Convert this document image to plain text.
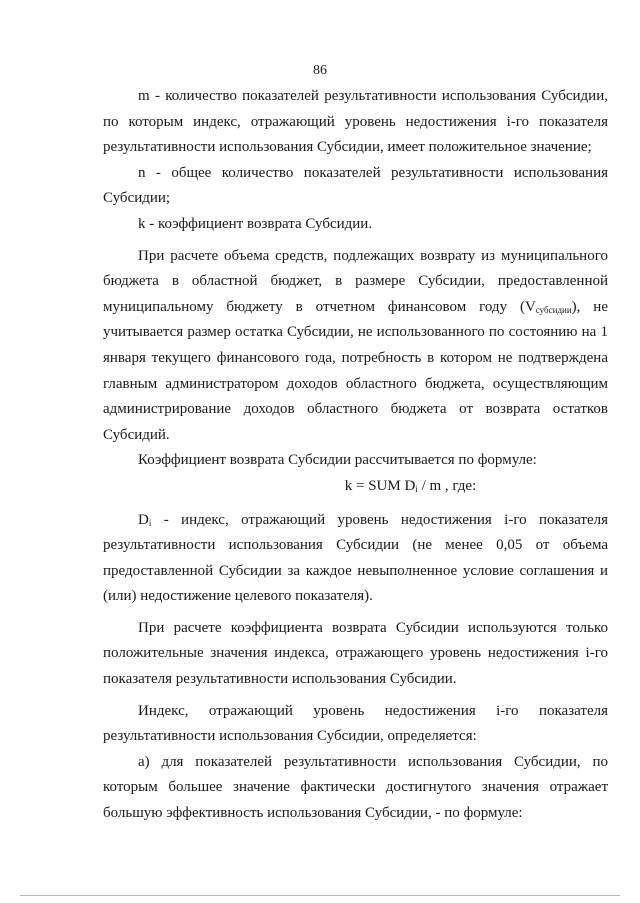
86

m - количество показателей результативности использования Субсидии, по которым индекс, отражающий уровень недостижения i-го показателя результативности использования Субсидии, имеет положительное значение;

n - общее количество показателей результативности использования Субсидии;

k - коэффициент возврата Субсидии.

При расчете объема средств, подлежащих возврату из муниципального бюджета в областной бюджет, в размере Субсидии, предоставленной муниципальному бюджету в отчетном финансовом году $(V_{субсидии})$, не учитывается размер остатка Субсидии, не использованного по состоянию на 1 января текущего финансового года, потребность в котором не подтверждена главным администратором доходов областного бюджета, осуществляющим администрирование доходов областного бюджета от возврата остатков Субсидий.

Коэффициент возврата Субсидии рассчитывается по формуле:

k = SUM $D_i$ / m , где:

$D_i$ - индекс, отражающий уровень недостижения i-го показателя результативности использования Субсидии (не менее 0,05 от объема предоставленной Субсидии за каждое невыполненное условие соглашения и (или) недостижение целевого показателя).

При расчете коэффициента возврата Субсидии используются только положительные значения индекса, отражающего уровень недостижения i-го показателя результативности использования Субсидии.

Индекс, отражающий уровень недостижения i-го показателя результативности использования Субсидии, определяется:

а) для показателей результативности использования Субсидии, по которым большее значение фактически достигнутого значения отражает большую эффективность использования Субсидии, - по формуле:
